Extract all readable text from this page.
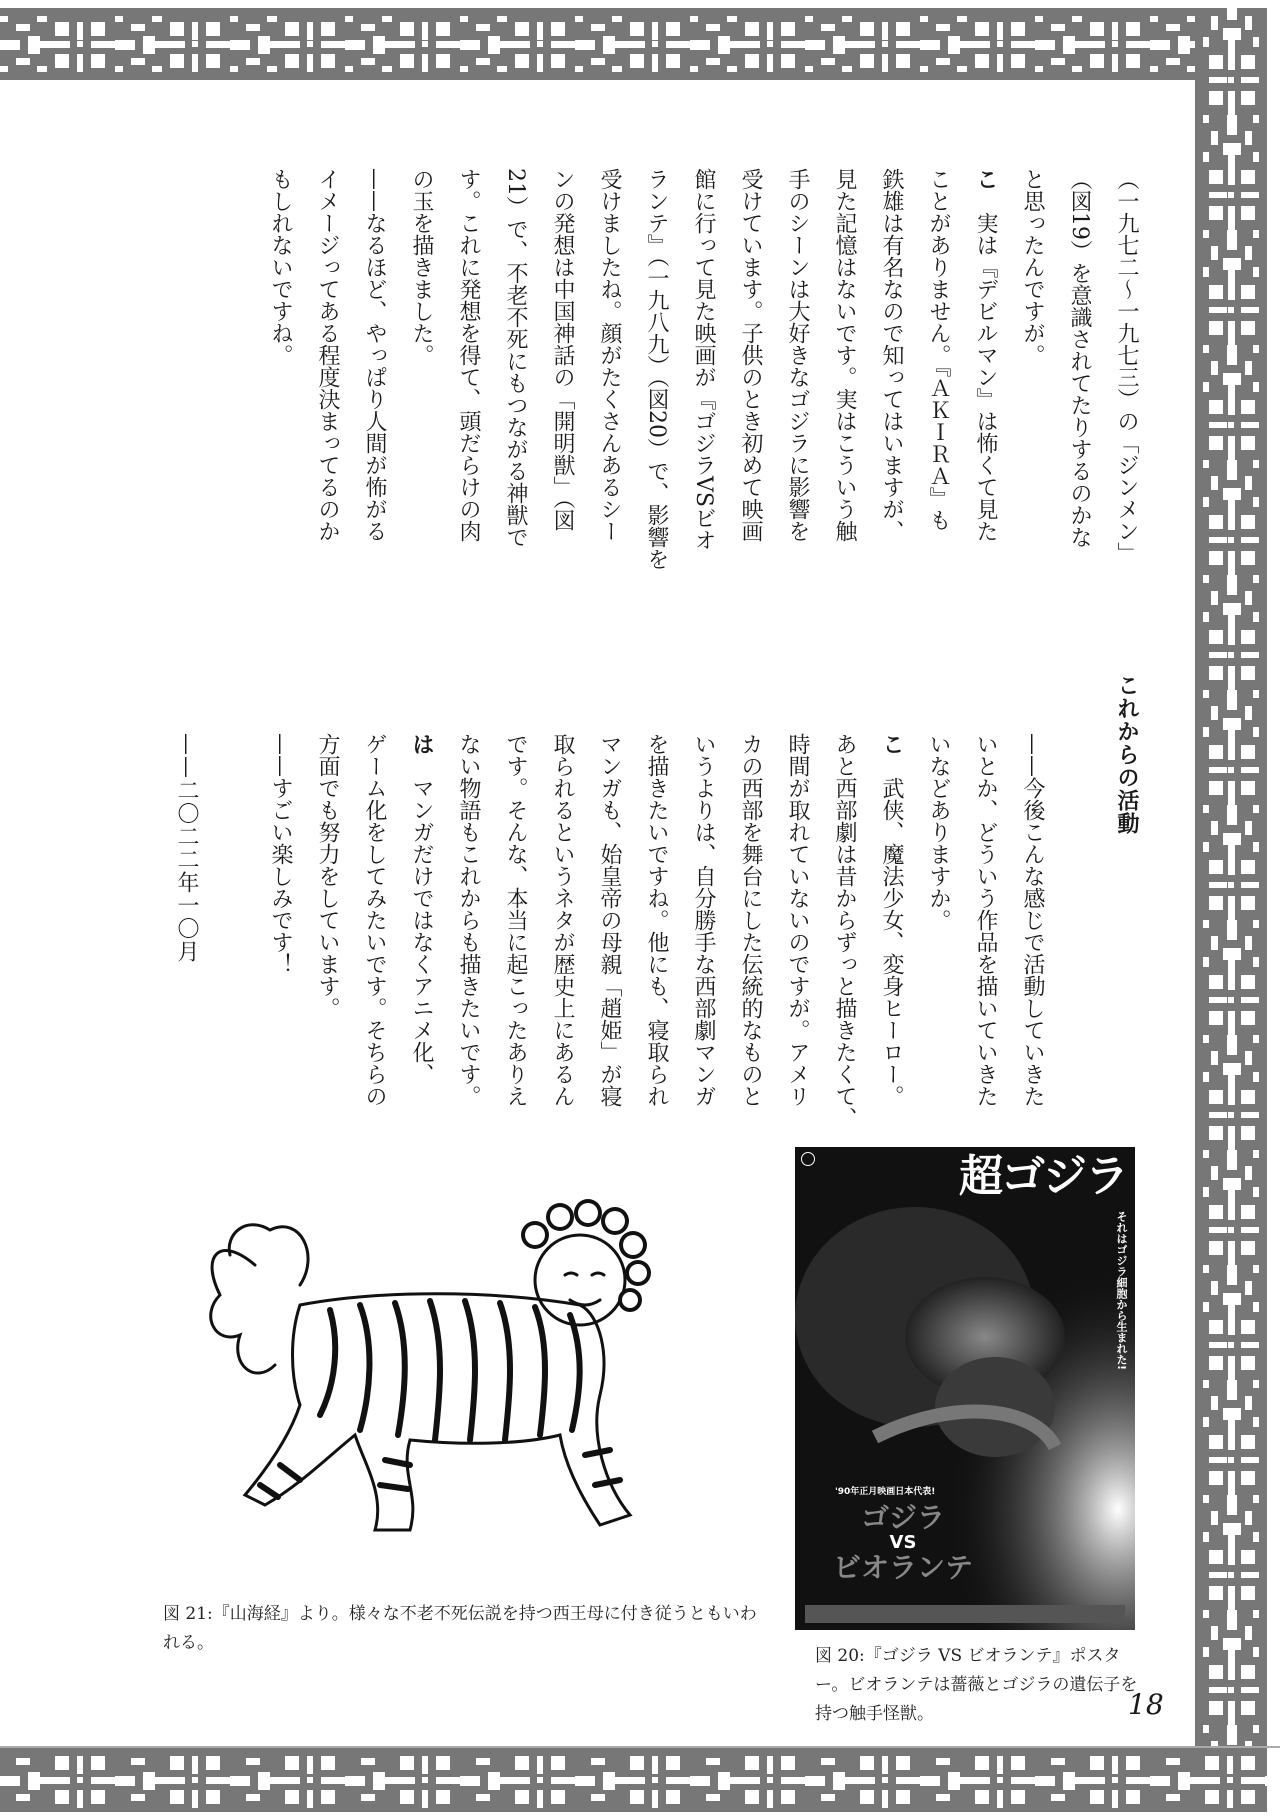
（一九七二〜一九七三）の「ジンメン」
（図19）を意識されてたりするのかな
と思ったんですが。
こ　実は『デビルマン』は怖くて見た
ことがありません。『ＡＫＩＲＡ』も
鉄雄は有名なので知ってはいますが、
見た記憶はないです。実はこういう触
手のシーンは大好きなゴジラに影響を
受けています。子供のとき初めて映画
館に行って見た映画が『ゴジラVSビオ
ランテ』（一九八九）（図20）で、影響を
受けましたね。顔がたくさんあるシー
ンの発想は中国神話の「開明獣」（図
21）で、不老不死にもつながる神獣で
す。これに発想を得て、頭だらけの肉
の玉を描きました。
——なるほど、やっぱり人間が怖がる
イメージってある程度決まってるのか
もしれないですね。
これからの活動
——今後こんな感じで活動していきた
いとか、どういう作品を描いていきた
いなどありますか。
こ　武侠、魔法少女、変身ヒーロー。
あと西部劇は昔からずっと描きたくて、
時間が取れていないのですが。アメリ
カの西部を舞台にした伝統的なものと
いうよりは、自分勝手な西部劇マンガ
を描きたいですね。他にも、寝取られ
マンガも、始皇帝の母親「趙姫」が寝
取られるというネタが歴史上にあるん
です。そんな、本当に起こったありえ
ない物語もこれからも描きたいです。
は　マンガだけではなくアニメ化、
ゲーム化をしてみたいです。そちらの
方面でも努力をしています。
——すごい楽しみです！
——二〇二二年一〇月
超ゴジラ
それはゴジラ細胞から生まれた!
'90年正月映画日本代表!
ゴジラ
VS
ビオランテ
図 21:『山海経』より。様々な不老不死伝説を持つ西王母に付き従うともいわれる。
図 20:『ゴジラ VS ビオランテ』ポスター。ビオランテは薔薇とゴジラの遺伝子を持つ触手怪獣。	18
